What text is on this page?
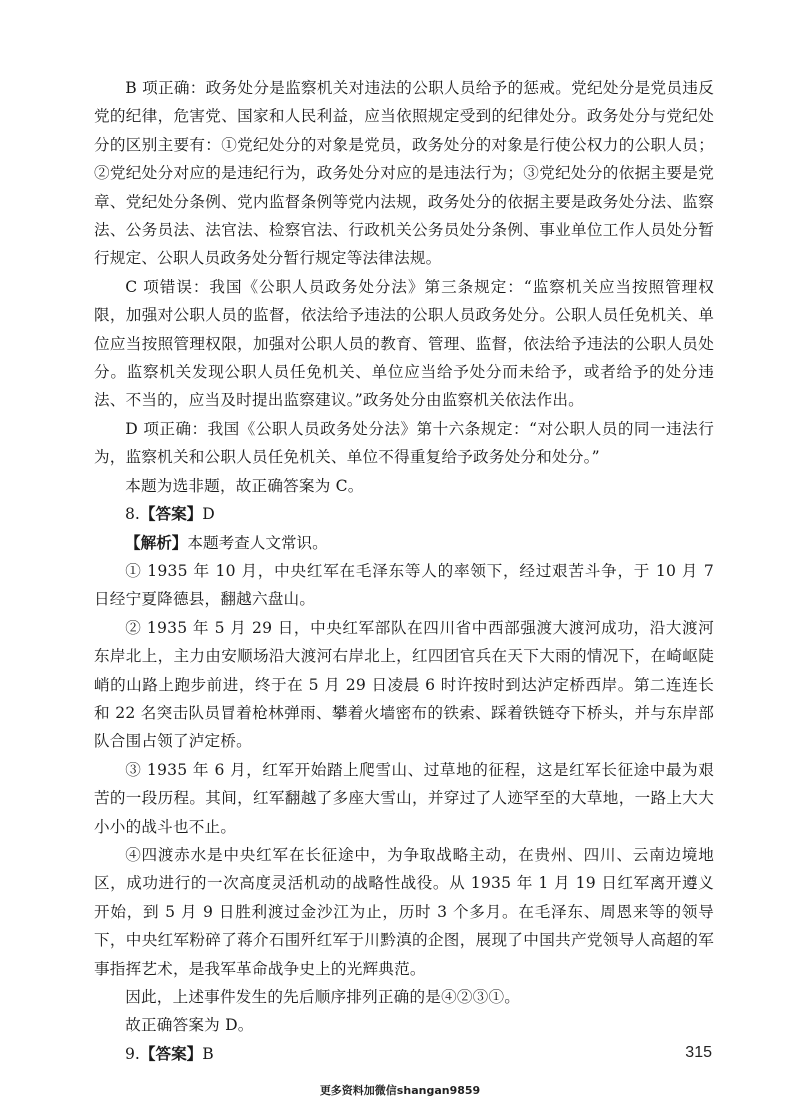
B 项正确：政务处分是监察机关对违法的公职人员给予的惩戒。党纪处分是党员违反党的纪律，危害党、国家和人民利益，应当依照规定受到的纪律处分。政务处分与党纪处分的区别主要有：①党纪处分的对象是党员，政务处分的对象是行使公权力的公职人员；②党纪处分对应的是违纪行为，政务处分对应的是违法行为；③党纪处分的依据主要是党章、党纪处分条例、党内监督条例等党内法规，政务处分的依据主要是政务处分法、监察法、公务员法、法官法、检察官法、行政机关公务员处分条例、事业单位工作人员处分暂行规定、公职人员政务处分暂行规定等法律法规。

C 项错误：我国《公职人员政务处分法》第三条规定：“监察机关应当按照管理权限，加强对公职人员的监督，依法给予违法的公职人员政务处分。公职人员任免机关、单位应当按照管理权限，加强对公职人员的教育、管理、监督，依法给予违法的公职人员处分。监察机关发现公职人员任免机关、单位应当给予处分而未给予，或者给予的处分违法、不当的，应当及时提出监察建议。”政务处分由监察机关依法作出。

D 项正确：我国《公职人员政务处分法》第十六条规定：“对公职人员的同一违法行为，监察机关和公职人员任免机关、单位不得重复给予政务处分和处分。”

本题为选非题，故正确答案为 C。

8.【答案】D

【解析】本题考查人文常识。

① 1935 年 10 月，中央红军在毛泽东等人的率领下，经过艰苦斗争，于 10 月 7 日经宁夏降德县，翻越六盘山。

② 1935 年 5 月 29 日，中央红军部队在四川省中西部强渡大渡河成功，沿大渡河东岸北上，主力由安顺场沿大渡河右岸北上，红四团官兵在天下大雨的情况下，在崎岖陡峭的山路上跑步前进，终于在 5 月 29 日凌晨 6 时许按时到达泸定桥西岸。第二连连长和 22 名突击队员冒着枪林弹雨、攀着火墙密布的铁索、踩着铁链夺下桥头，并与东岸部队合围占领了泸定桥。

③ 1935 年 6 月，红军开始踏上爬雪山、过草地的征程，这是红军长征途中最为艰苦的一段历程。其间，红军翻越了多座大雪山，并穿过了人迹罕至的大草地，一路上大大小小的战斗也不止。

④四渡赤水是中央红军在长征途中，为争取战略主动，在贵州、四川、云南边境地区，成功进行的一次高度灵活机动的战略性战役。从 1935 年 1 月 19 日红军离开遵义开始，到 5 月 9 日胜利渡过金沙江为止，历时 3 个多月。在毛泽东、周恩来等的领导下，中央红军粉碎了蒋介石围歼红军于川黔滇的企图，展现了中国共产党领导人高超的军事指挥艺术，是我军革命战争史上的光辉典范。

因此，上述事件发生的先后顺序排列正确的是④②③①。

故正确答案为 D。

9.【答案】B	315
更多资料加微信shangan9859
